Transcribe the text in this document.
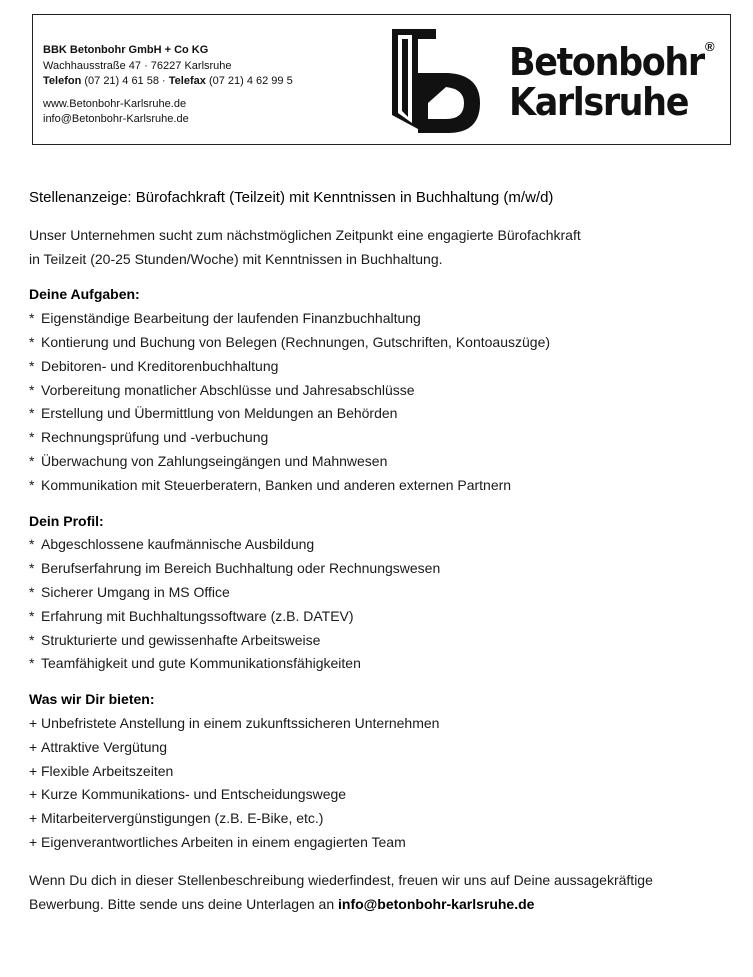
BBK Betonbohr GmbH + Co KG
Wachhausstraße 47 · 76227 Karlsruhe
Telefon (07 21) 4 61 58 · Telefax (07 21) 4 62 99 5
www.Betonbohr-Karlsruhe.de
info@Betonbohr-Karlsruhe.de
Betonbohr
Karlsruhe
®
Stellenanzeige: Bürofachkraft (Teilzeit) mit Kenntnissen in Buchhaltung (m/w/d)

Unser Unternehmen sucht zum nächstmöglichen Zeitpunkt eine engagierte Bürofachkraft

in Teilzeit (20-25 Stunden/Woche) mit Kenntnissen in Buchhaltung.

Deine Aufgaben:
* Eigenständige Bearbeitung der laufenden Finanzbuchhaltung
* Kontierung und Buchung von Belegen (Rechnungen, Gutschriften, Kontoauszüge)
* Debitoren- und Kreditorenbuchhaltung
* Vorbereitung monatlicher Abschlüsse und Jahresabschlüsse
* Erstellung und Übermittlung von Meldungen an Behörden
* Rechnungsprüfung und -verbuchung
* Überwachung von Zahlungseingängen und Mahnwesen
* Kommunikation mit Steuerberatern, Banken und anderen externen Partnern
Dein Profil:
* Abgeschlossene kaufmännische Ausbildung
* Berufserfahrung im Bereich Buchhaltung oder Rechnungswesen
* Sicherer Umgang in MS Office
* Erfahrung mit Buchhaltungssoftware (z.B. DATEV)
* Strukturierte und gewissenhafte Arbeitsweise
* Teamfähigkeit und gute Kommunikationsfähigkeiten
Was wir Dir bieten:
+ Unbefristete Anstellung in einem zukunftssicheren Unternehmen
+ Attraktive Vergütung
+ Flexible Arbeitszeiten
+ Kurze Kommunikations- und Entscheidungswege
+ Mitarbeitervergünstigungen (z.B. E-Bike, etc.)
+ Eigenverantwortliches Arbeiten in einem engagierten Team
Wenn Du dich in dieser Stellenbeschreibung wiederfindest, freuen wir uns auf Deine aussagekräftige
Bewerbung. Bitte sende uns deine Unterlagen an info@betonbohr-karlsruhe.de
